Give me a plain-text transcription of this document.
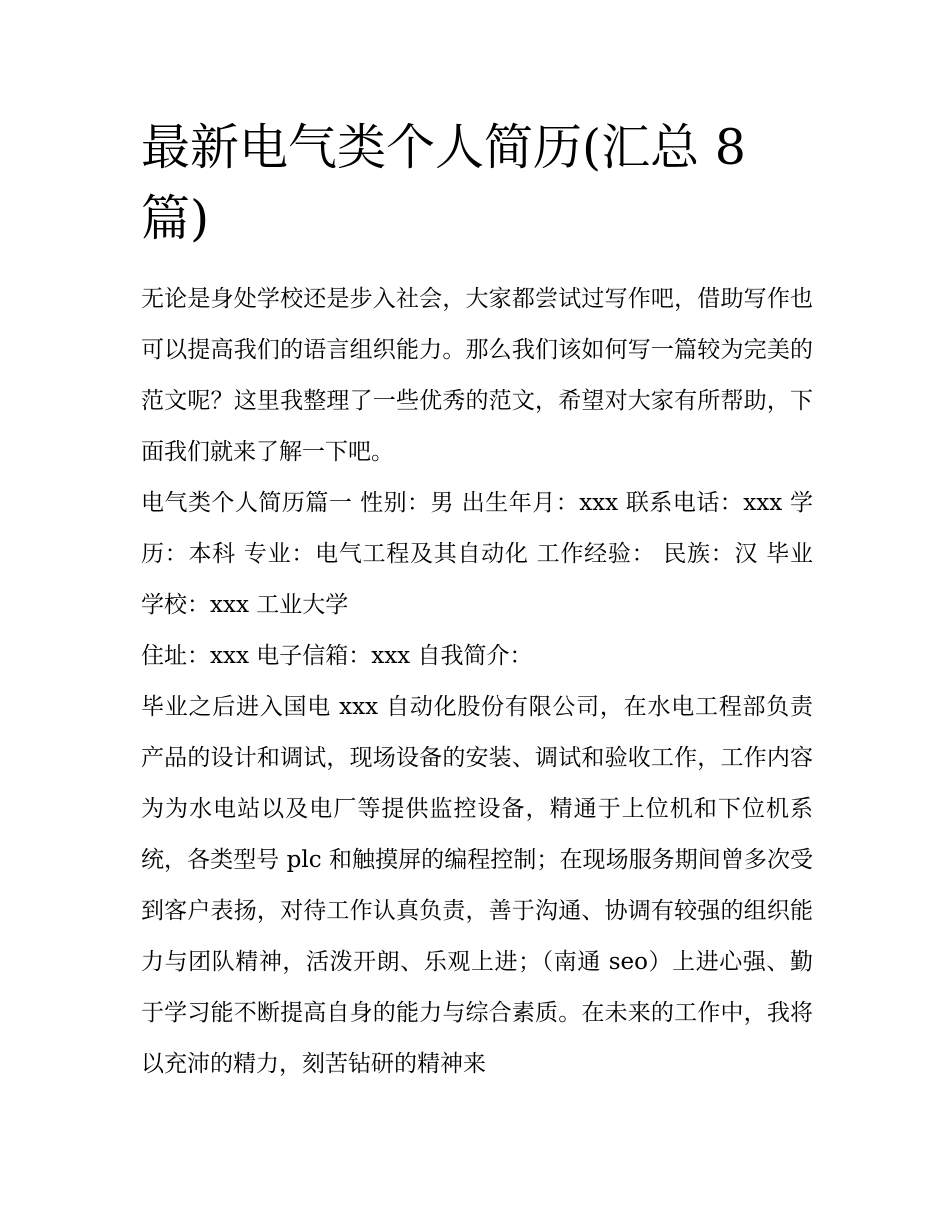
最新电气类个人简历(汇总 8 篇)

无论是身处学校还是步入社会，大家都尝试过写作吧，借助写作也可以提高我们的语言组织能力。那么我们该如何写一篇较为完美的范文呢？这里我整理了一些优秀的范文，希望对大家有所帮助，下面我们就来了解一下吧。

电气类个人简历篇一 性别：男 出生年月：xxx 联系电话：xxx 学历：本科 专业：电气工程及其自动化 工作经验： 民族：汉 毕业学校：xxx 工业大学

住址：xxx 电子信箱：xxx 自我简介：

毕业之后进入国电 xxx 自动化股份有限公司，在水电工程部负责产品的设计和调试，现场设备的安装、调试和验收工作，工作内容为为水电站以及电厂等提供监控设备，精通于上位机和下位机系统，各类型号 plc 和触摸屏的编程控制；在现场服务期间曾多次受到客户表扬，对待工作认真负责，善于沟通、协调有较强的组织能力与团队精神，活泼开朗、乐观上进；（南通 seo）上进心强、勤于学习能不断提高自身的能力与综合素质。在未来的工作中，我将以充沛的精力，刻苦钻研的精神来
